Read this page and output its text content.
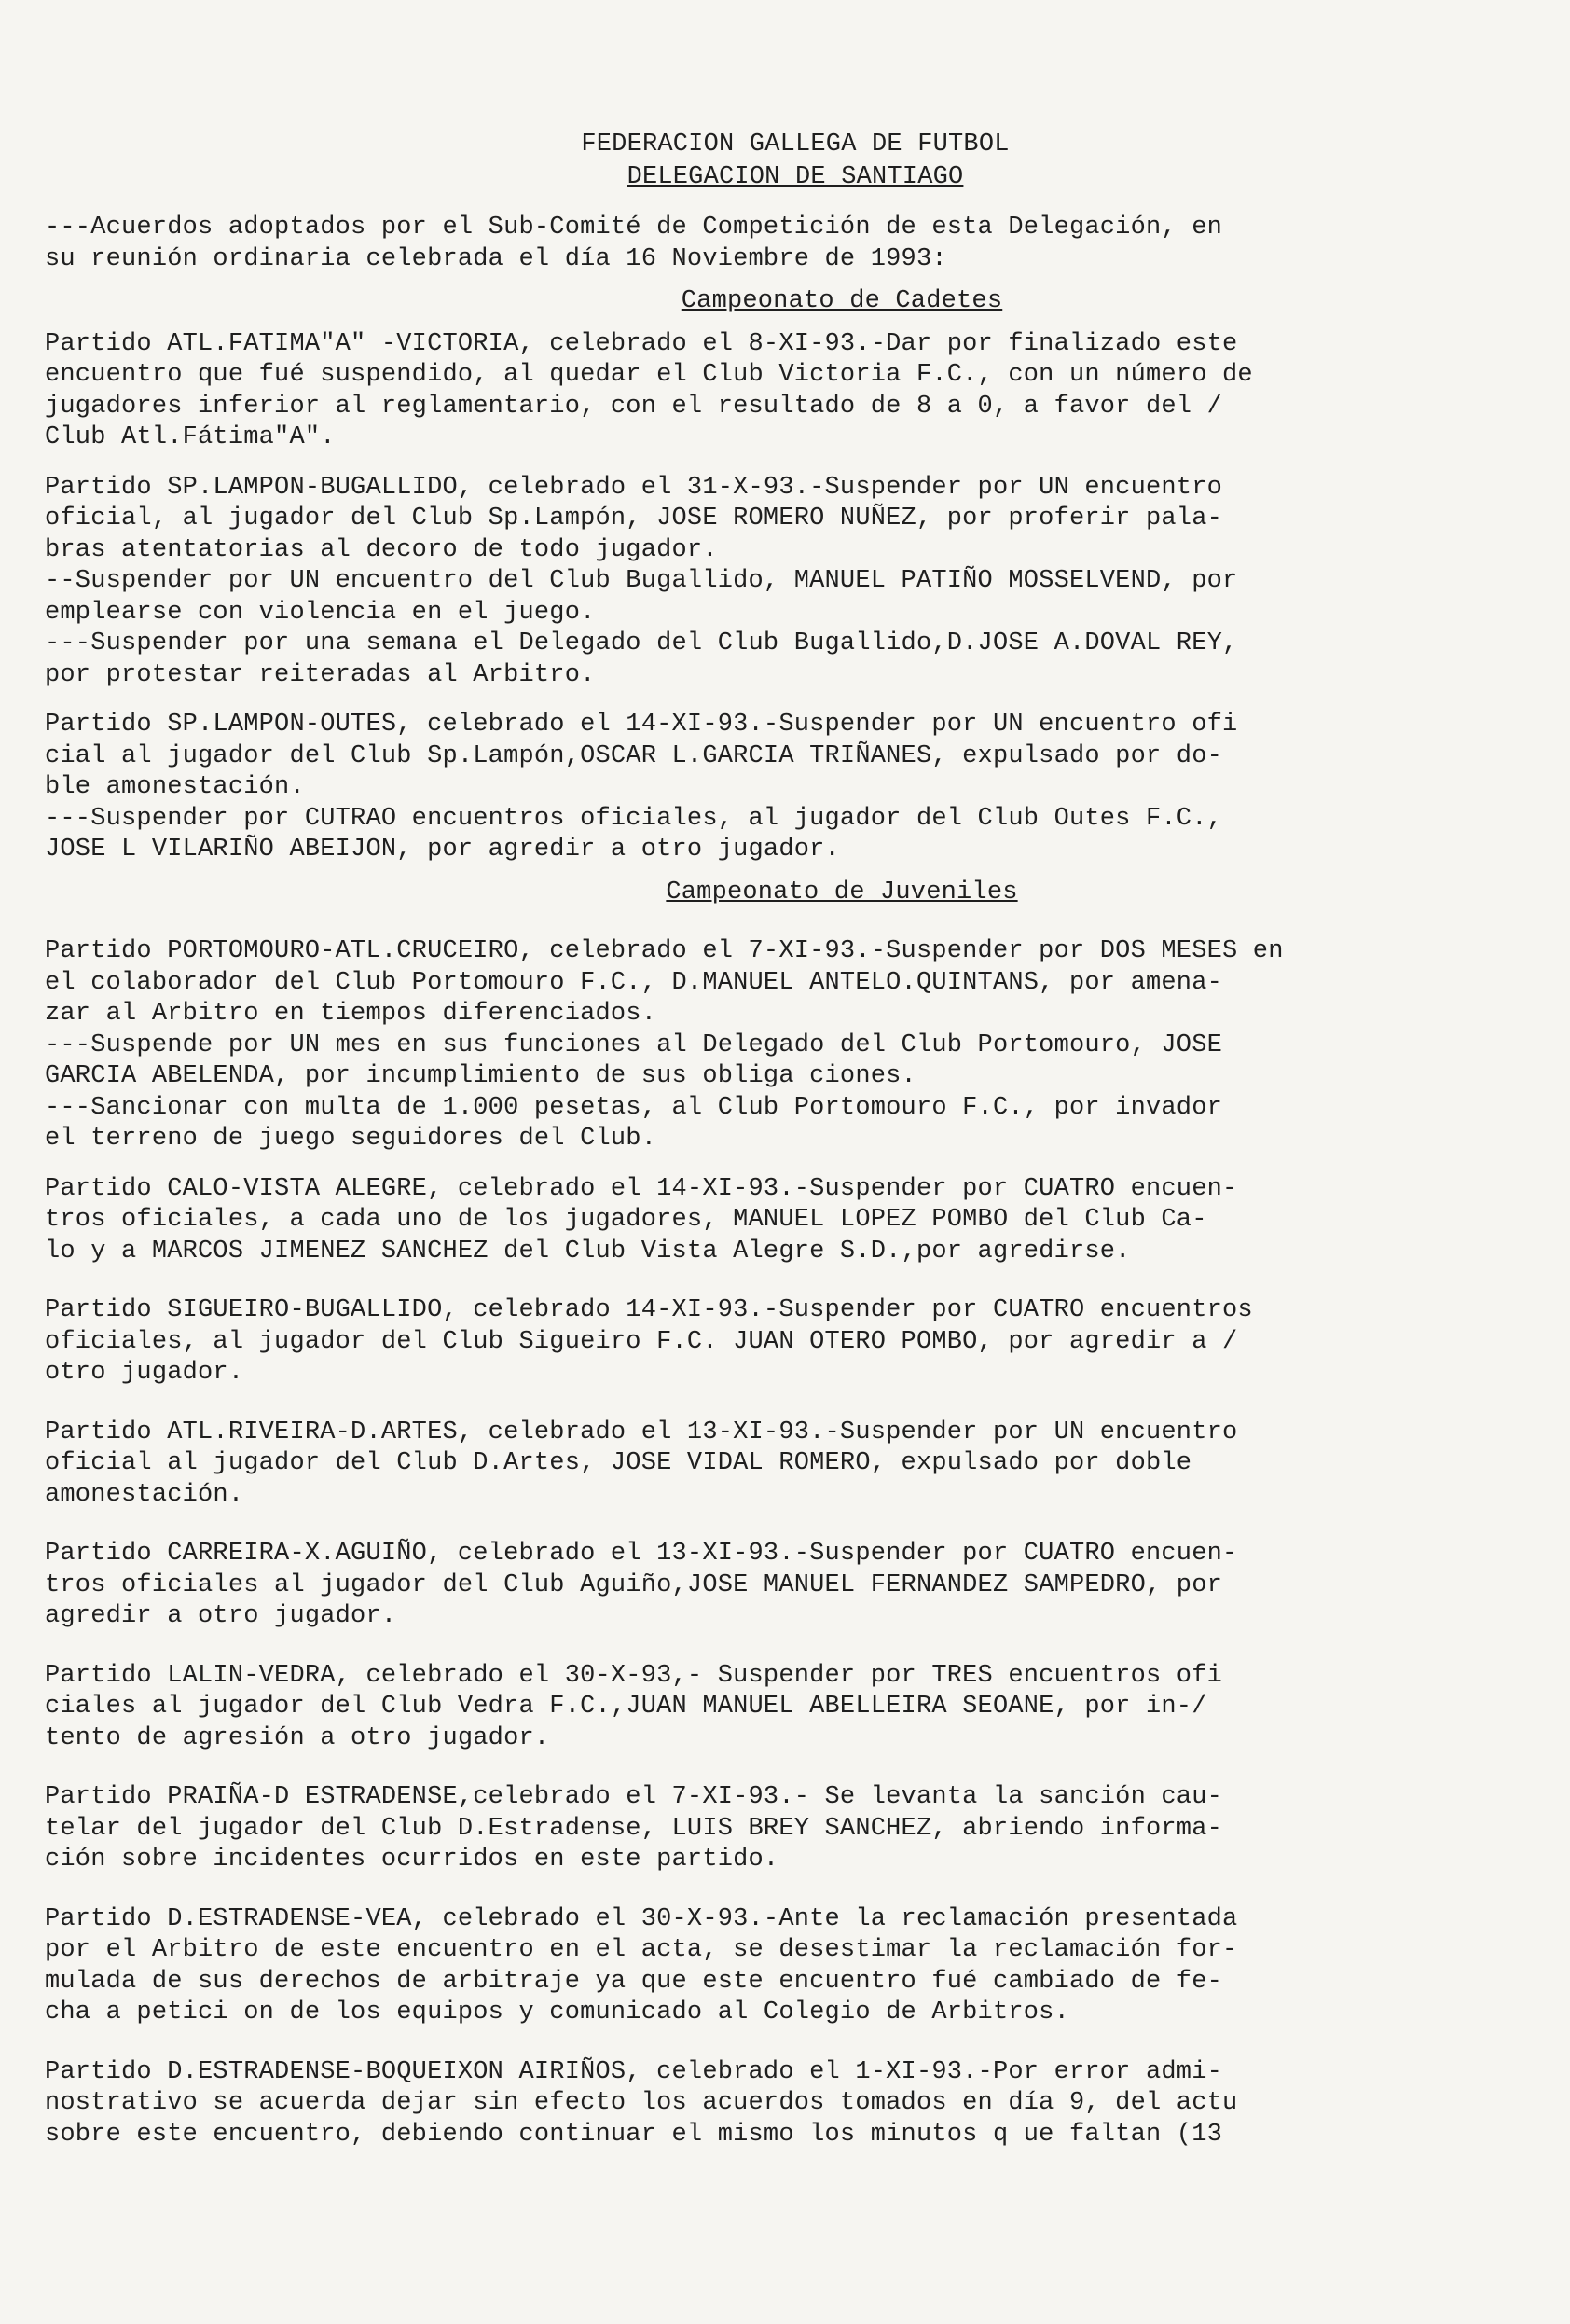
FEDERACION GALLEGA DE FUTBOL

DELEGACION DE SANTIAGO

---Acuerdos adoptados por el Sub-Comité de Competición de esta Delegación, en

su reunión ordinaria celebrada el día 16 Noviembre de 1993:

Campeonato de Cadetes

Partido ATL.FATIMA"A" -VICTORIA, celebrado el 8-XI-93.-Dar por finalizado este

encuentro que fué suspendido, al quedar el Club Victoria F.C., con un número de

jugadores inferior al reglamentario, con el resultado de 8 a 0, a favor del /

Club Atl.Fátima"A".

Partido SP.LAMPON-BUGALLIDO, celebrado el 31-X-93.-Suspender por UN encuentro

oficial, al jugador del Club Sp.Lampón, JOSE ROMERO NUÑEZ, por proferir pala-

bras atentatorias al decoro de todo jugador.

--Suspender por UN encuentro del Club Bugallido, MANUEL PATIÑO MOSSELVEND, por

emplearse con violencia en el juego.

---Suspender por una semana el Delegado del Club Bugallido,D.JOSE A.DOVAL REY,

por protestar reiteradas al Arbitro.

Partido SP.LAMPON-OUTES, celebrado el 14-XI-93.-Suspender por UN encuentro ofi

cial al jugador del Club Sp.Lampón,OSCAR L.GARCIA TRIÑANES, expulsado por do-

ble amonestación.

---Suspender por CUTRAO encuentros oficiales, al jugador del Club Outes F.C.,

JOSE L VILARIÑO ABEIJON, por agredir a otro jugador.

Campeonato de Juveniles

Partido PORTOMOURO-ATL.CRUCEIRO, celebrado el 7-XI-93.-Suspender por DOS MESES en

el colaborador del Club Portomouro F.C., D.MANUEL ANTELO.QUINTANS, por amena-

zar al Arbitro en tiempos diferenciados.

---Suspende por UN mes en sus funciones al Delegado del Club Portomouro, JOSE

GARCIA ABELENDA, por incumplimiento de sus obliga ciones.

---Sancionar con multa de 1.000 pesetas, al Club Portomouro F.C., por invador

el terreno de juego seguidores del Club.

Partido CALO-VISTA ALEGRE, celebrado el 14-XI-93.-Suspender por CUATRO encuen-

tros oficiales, a cada uno de los jugadores, MANUEL LOPEZ POMBO del Club Ca-

lo y a MARCOS JIMENEZ SANCHEZ del Club Vista Alegre S.D.,por agredirse.

Partido SIGUEIRO-BUGALLIDO, celebrado 14-XI-93.-Suspender por CUATRO encuentros

oficiales, al jugador del Club Sigueiro F.C. JUAN OTERO POMBO, por agredir a /

otro jugador.

Partido ATL.RIVEIRA-D.ARTES, celebrado el 13-XI-93.-Suspender por UN encuentro

oficial al jugador del Club D.Artes, JOSE VIDAL ROMERO, expulsado por doble

amonestación.

Partido CARREIRA-X.AGUIÑO, celebrado el 13-XI-93.-Suspender por CUATRO encuen-

tros oficiales al jugador del Club Aguiño,JOSE MANUEL FERNANDEZ SAMPEDRO, por

agredir a otro jugador.

Partido LALIN-VEDRA, celebrado el 30-X-93,- Suspender por TRES encuentros ofi

ciales al jugador del Club Vedra F.C.,JUAN MANUEL ABELLEIRA SEOANE, por in-/

tento de agresión a otro jugador.

Partido PRAIÑA-D ESTRADENSE,celebrado el 7-XI-93.- Se levanta la sanción cau-

telar del jugador del Club D.Estradense, LUIS BREY SANCHEZ, abriendo informa-

ción sobre incidentes ocurridos en este partido.

Partido D.ESTRADENSE-VEA, celebrado el 30-X-93.-Ante la reclamación presentada

por el Arbitro de este encuentro en el acta, se desestimar la reclamación for-

mulada de sus derechos de arbitraje ya que este encuentro fué cambiado de fe-

cha a petici on de los equipos y comunicado al Colegio de Arbitros.

Partido D.ESTRADENSE-BOQUEIXON AIRIÑOS, celebrado el 1-XI-93.-Por error admi-

nostrativo se acuerda dejar sin efecto los acuerdos tomados en día 9, del actu

sobre este encuentro, debiendo continuar el mismo los minutos q ue faltan (13
